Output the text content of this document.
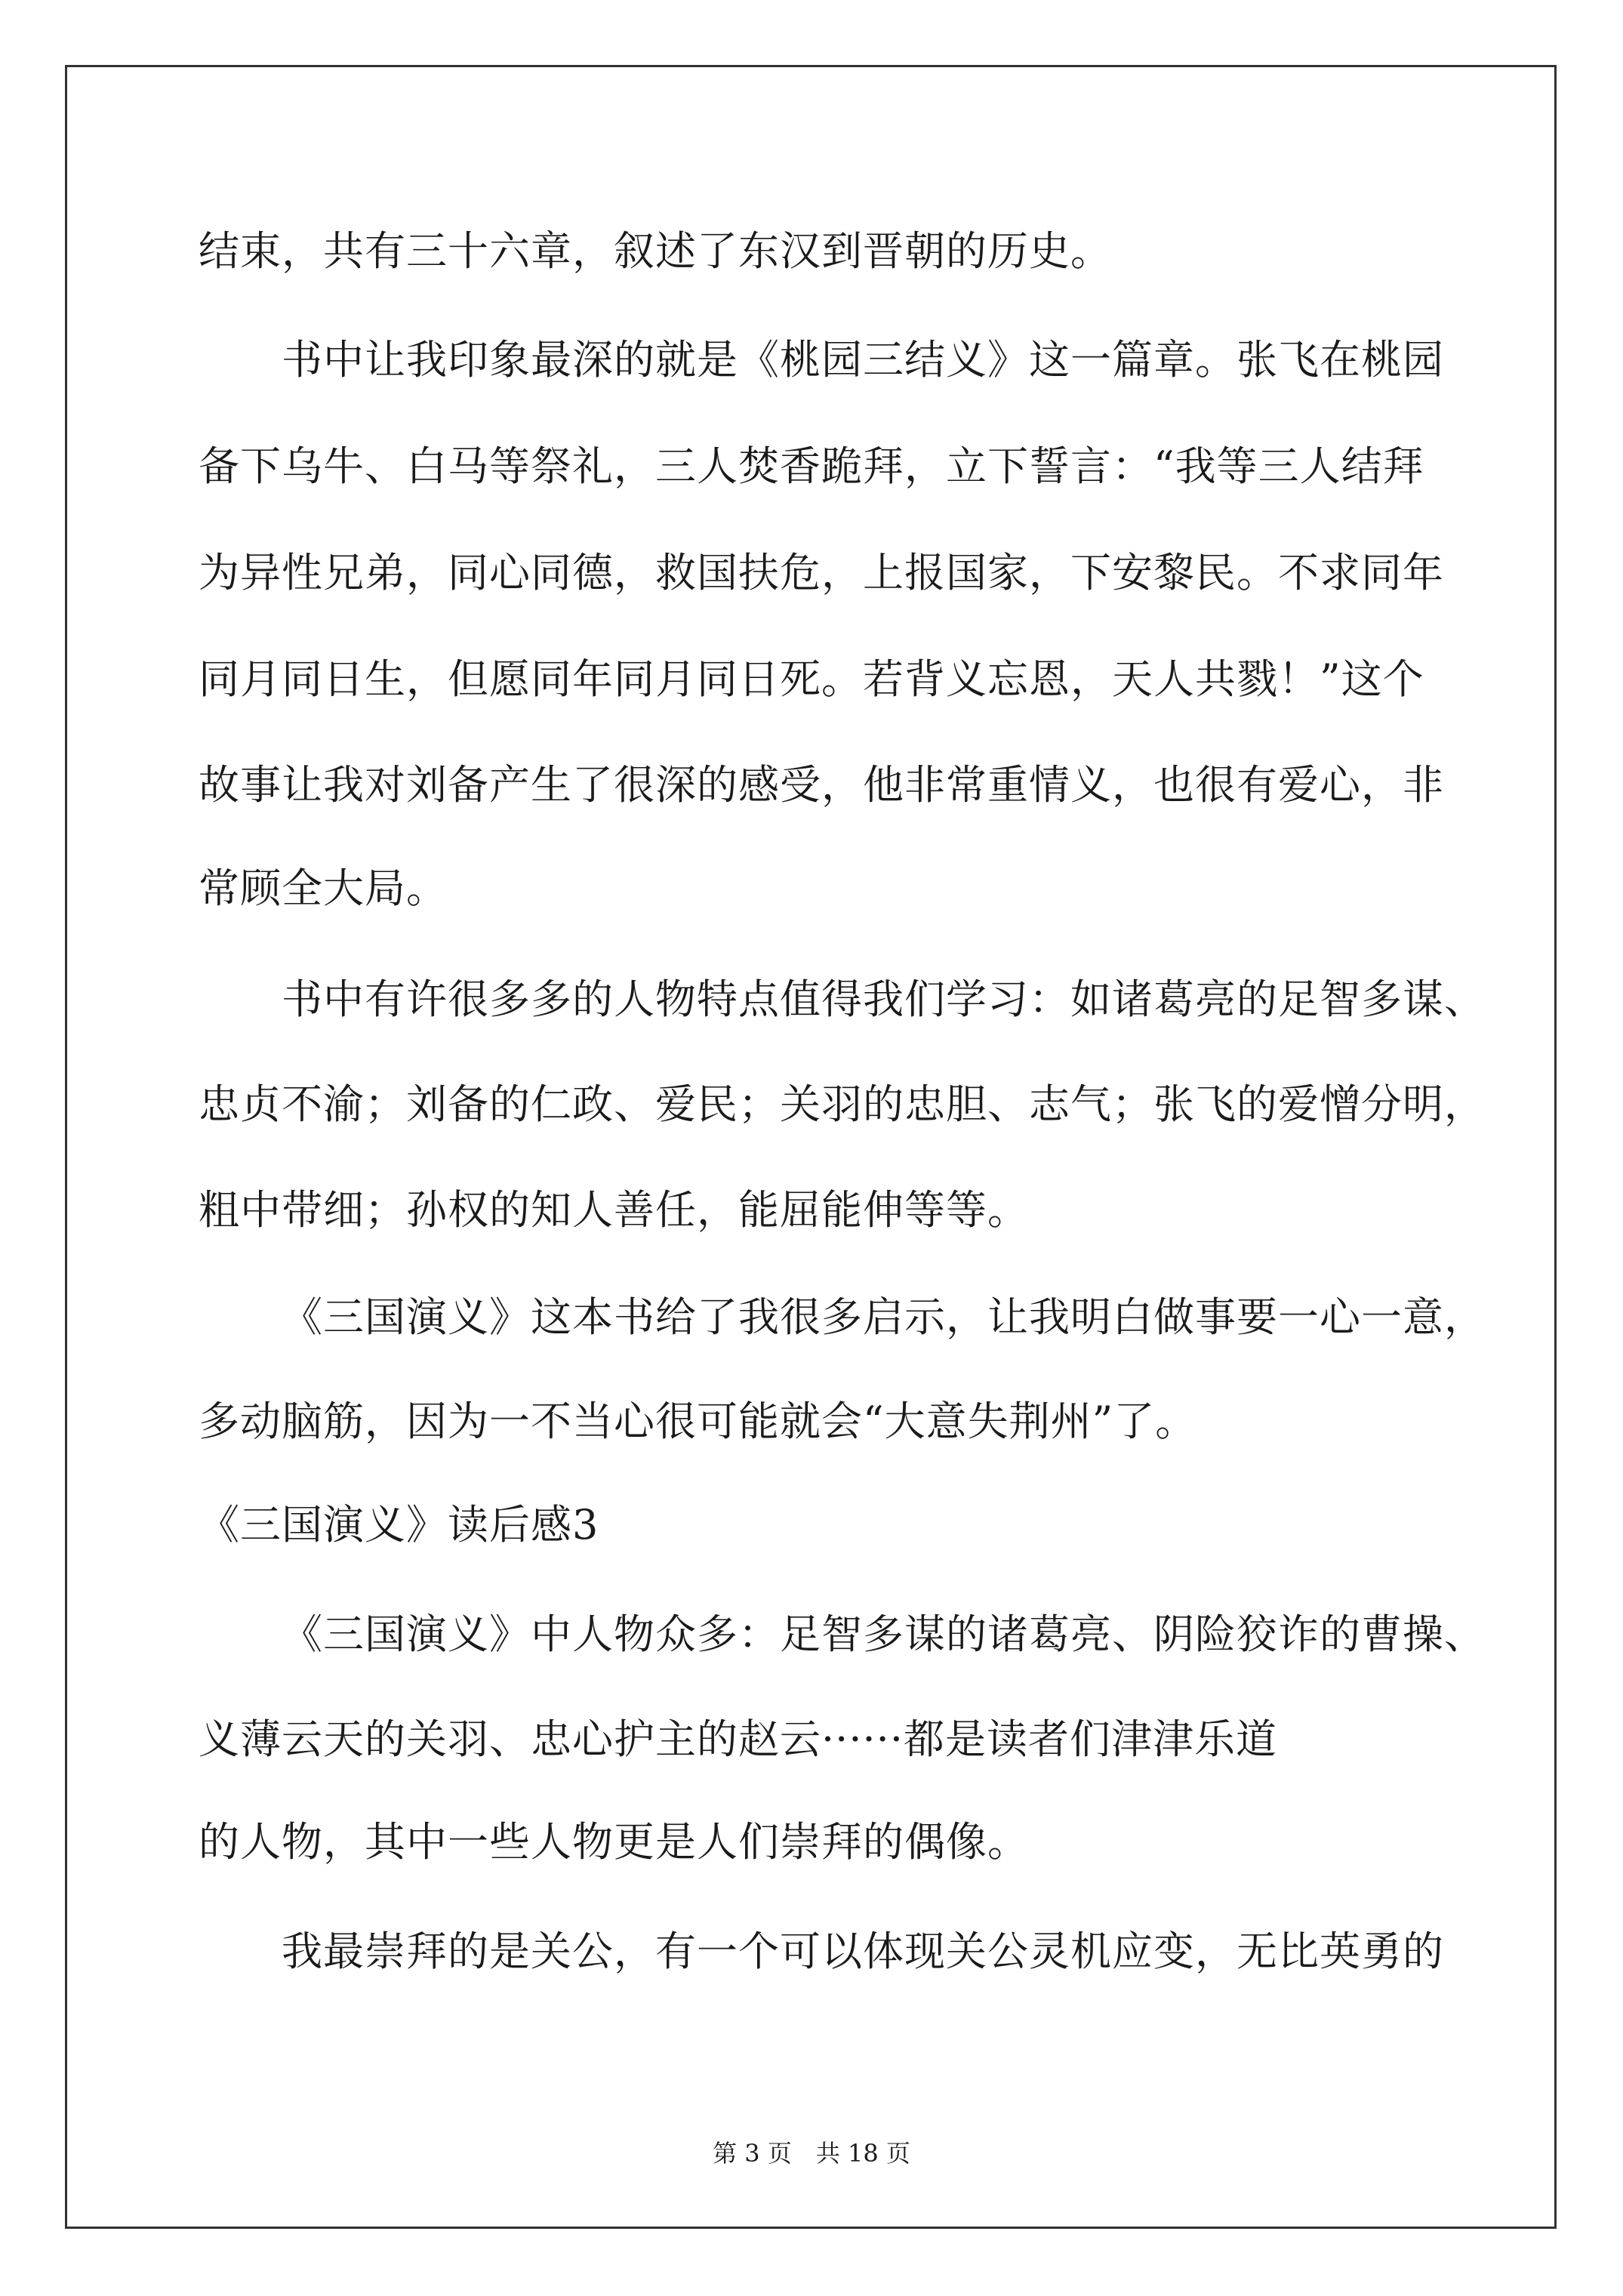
结束，共有三十六章，叙述了东汉到晋朝的历史。
书中让我印象最深的就是《桃园三结义》这一篇章。张飞在桃园
备下乌牛、白马等祭礼，三人焚香跪拜，立下誓言：“我等三人结拜
为异性兄弟，同心同德，救国扶危，上报国家，下安黎民。不求同年
同月同日生，但愿同年同月同日死。若背义忘恩，天人共戮！”这个
故事让我对刘备产生了很深的感受，他非常重情义，也很有爱心，非
常顾全大局。
书中有许很多多的人物特点值得我们学习：如诸葛亮的足智多谋、
忠贞不渝；刘备的仁政、爱民；关羽的忠胆、志气；张飞的爱憎分明，
粗中带细；孙权的知人善任，能屈能伸等等。
《三国演义》这本书给了我很多启示，让我明白做事要一心一意，
多动脑筋，因为一不当心很可能就会“大意失荆州”了。
《三国演义》读后感3
《三国演义》中人物众多：足智多谋的诸葛亮、阴险狡诈的曹操、
义薄云天的关羽、忠心护主的赵云······都是读者们津津乐道
的人物，其中一些人物更是人们崇拜的偶像。
我最崇拜的是关公，有一个可以体现关公灵机应变，无比英勇的
第 3 页　共 18 页
